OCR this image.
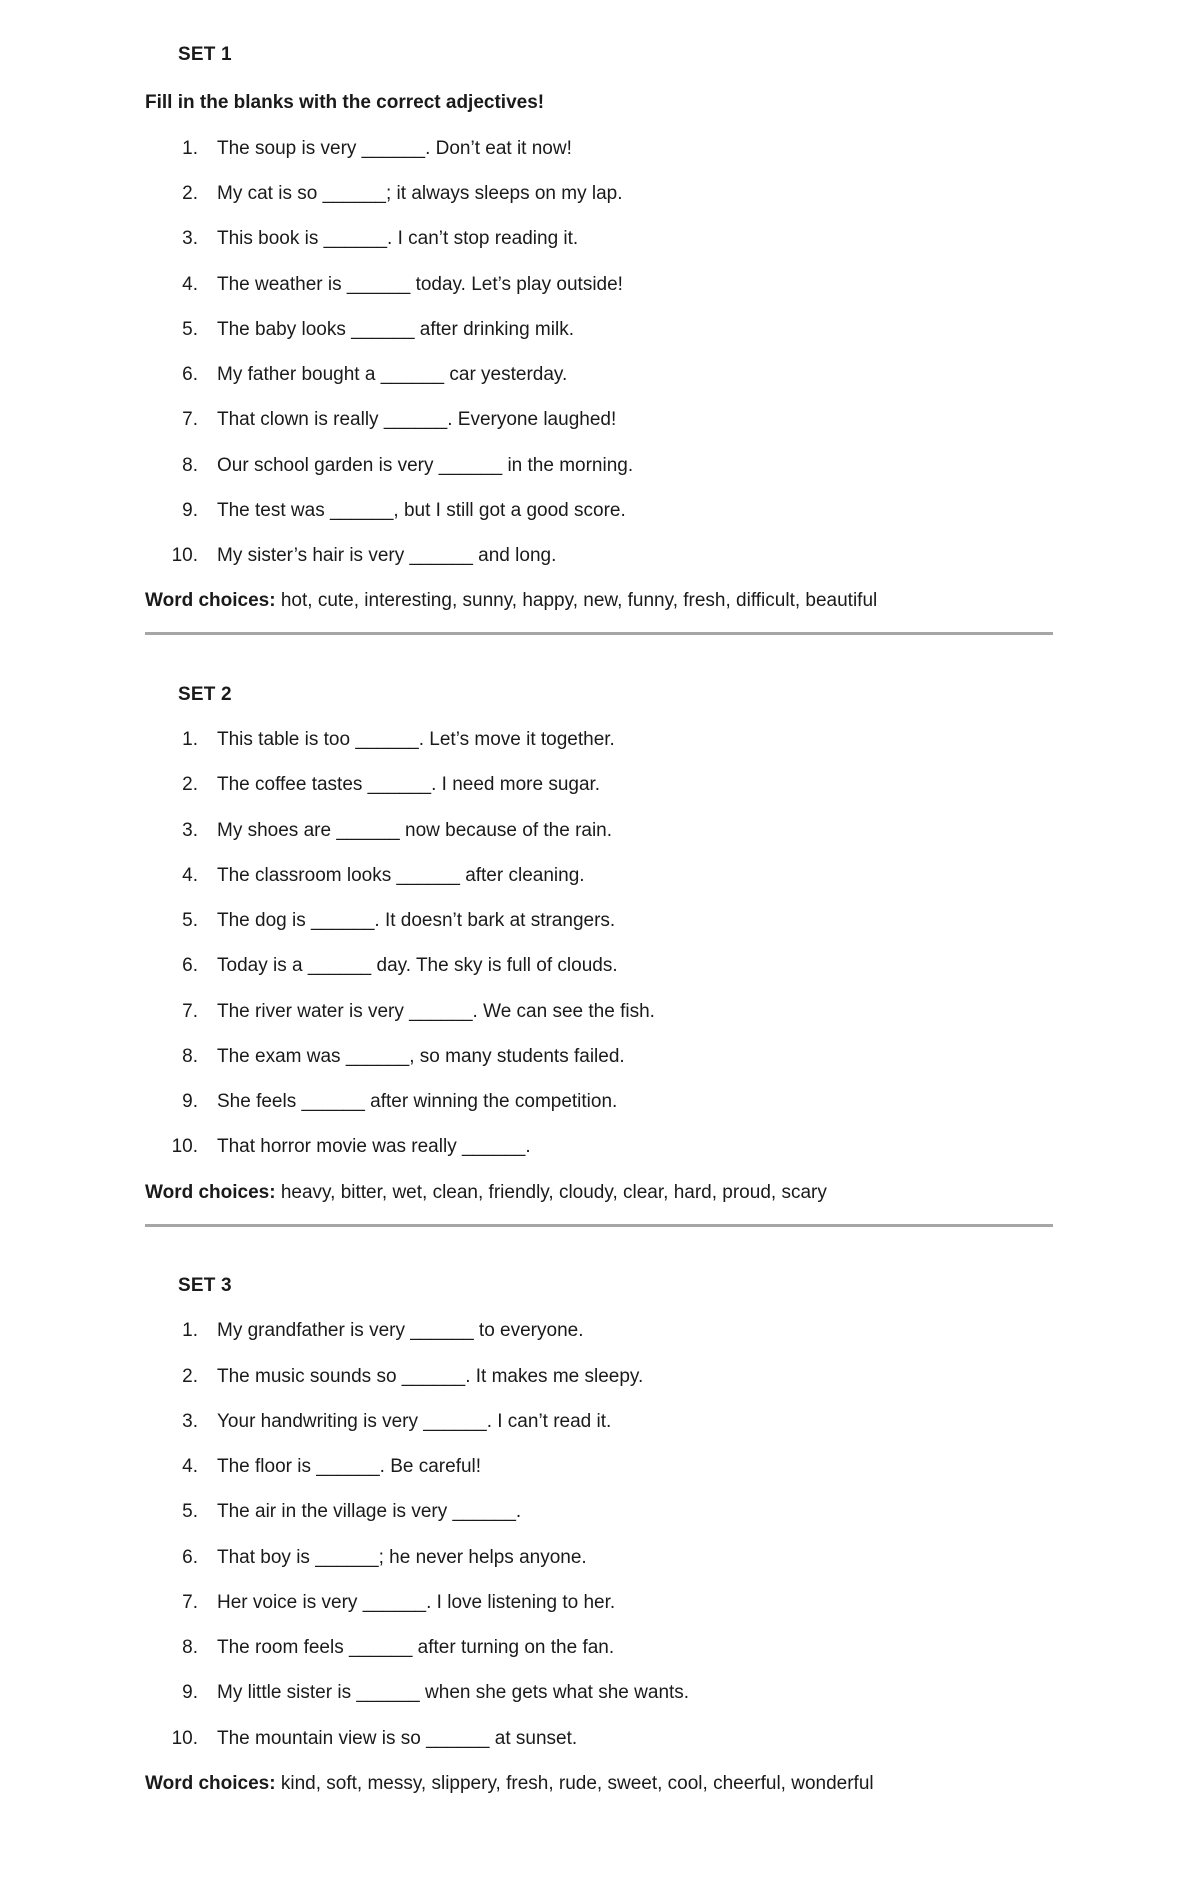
SET 1
Fill in the blanks with the correct adjectives!
1. The soup is very ______. Don’t eat it now!
2. My cat is so ______; it always sleeps on my lap.
3. This book is ______. I can’t stop reading it.
4. The weather is ______ today. Let’s play outside!
5. The baby looks ______ after drinking milk.
6. My father bought a ______ car yesterday.
7. That clown is really ______. Everyone laughed!
8. Our school garden is very ______ in the morning.
9. The test was ______, but I still got a good score.
10. My sister’s hair is very ______ and long.
Word choices: hot, cute, interesting, sunny, happy, new, funny, fresh, difficult, beautiful
SET 2
1. This table is too ______. Let’s move it together.
2. The coffee tastes ______. I need more sugar.
3. My shoes are ______ now because of the rain.
4. The classroom looks ______ after cleaning.
5. The dog is ______. It doesn’t bark at strangers.
6. Today is a ______ day. The sky is full of clouds.
7. The river water is very ______. We can see the fish.
8. The exam was ______, so many students failed.
9. She feels ______ after winning the competition.
10. That horror movie was really ______.
Word choices: heavy, bitter, wet, clean, friendly, cloudy, clear, hard, proud, scary
SET 3
1. My grandfather is very ______ to everyone.
2. The music sounds so ______. It makes me sleepy.
3. Your handwriting is very ______. I can’t read it.
4. The floor is ______. Be careful!
5. The air in the village is very ______.
6. That boy is ______; he never helps anyone.
7. Her voice is very ______. I love listening to her.
8. The room feels ______ after turning on the fan.
9. My little sister is ______ when she gets what she wants.
10. The mountain view is so ______ at sunset.
Word choices: kind, soft, messy, slippery, fresh, rude, sweet, cool, cheerful, wonderful
